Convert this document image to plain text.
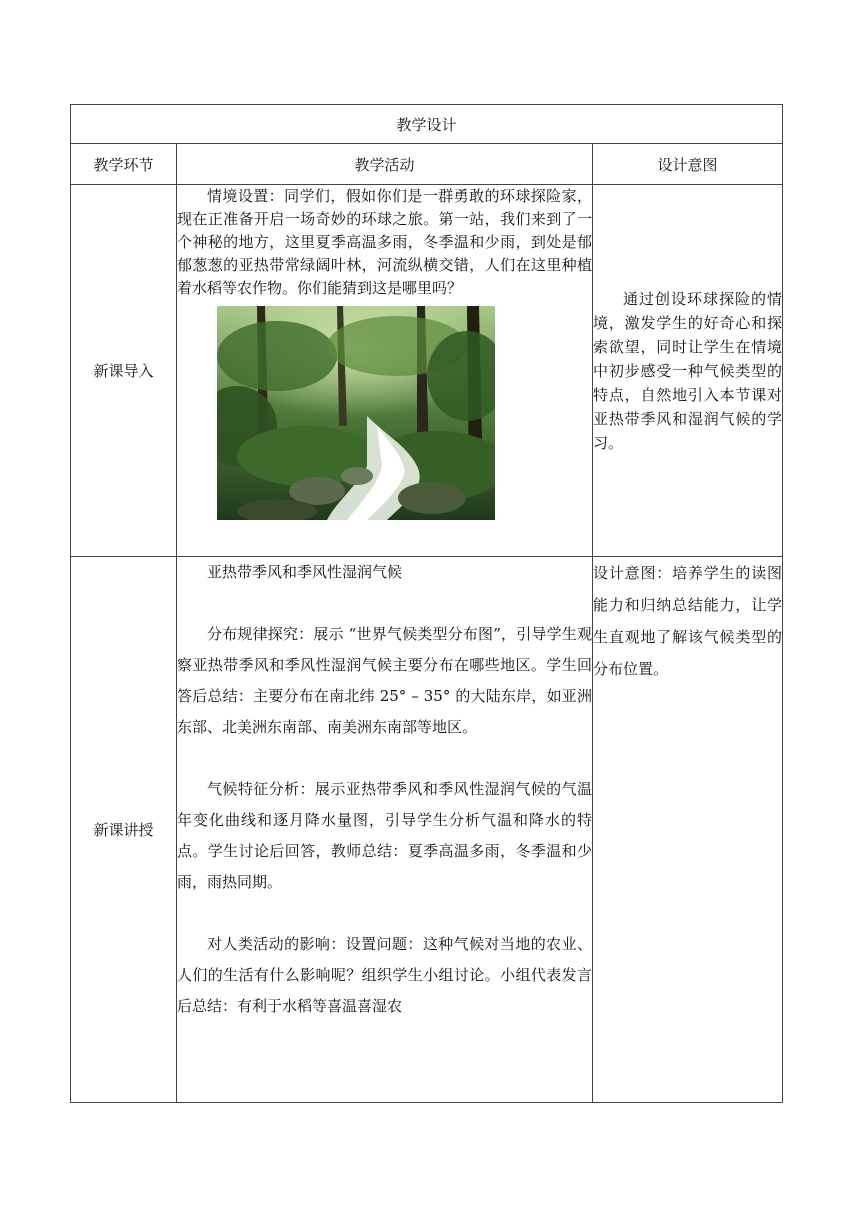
教学设计		
教学环节	教学活动	设计意图
新课导入	情境设置：同学们，假如你们是一群勇敢的环球探险家，现在正准备开启一场奇妙的环球之旅。第一站，我们来到了一个神秘的地方，这里夏季高温多雨，冬季温和少雨，到处是郁郁葱葱的亚热带常绿阔叶林，河流纵横交错，人们在这里种植着水稻等农作物。你们能猜到这是哪里吗？	通过创设环球探险的情境，激发学生的好奇心和探索欲望，同时让学生在情境中初步感受一种气候类型的特点，自然地引入本节课对亚热带季风和湿润气候的学习。

新课讲授	亚热带季风和季风性湿润气候

分布规律探究：展示 “世界气候类型分布图”，引导学生观察亚热带季风和季风性湿润气候主要分布在哪些地区。学生回答后总结：主要分布在南北纬 25° – 35° 的大陆东岸，如亚洲东部、北美洲东南部、南美洲东南部等地区。

气候特征分析：展示亚热带季风和季风性湿润气候的气温年变化曲线和逐月降水量图，引导学生分析气温和降水的特点。学生讨论后回答，教师总结：夏季高温多雨，冬季温和少雨，雨热同期。

对人类活动的影响：设置问题：这种气候对当地的农业、人们的生活有什么影响呢？组织学生小组讨论。小组代表发言后总结：有利于水稻等喜温喜湿农	设计意图：培养学生的读图能力和归纳总结能力，让学生直观地了解该气候类型的分布位置。
